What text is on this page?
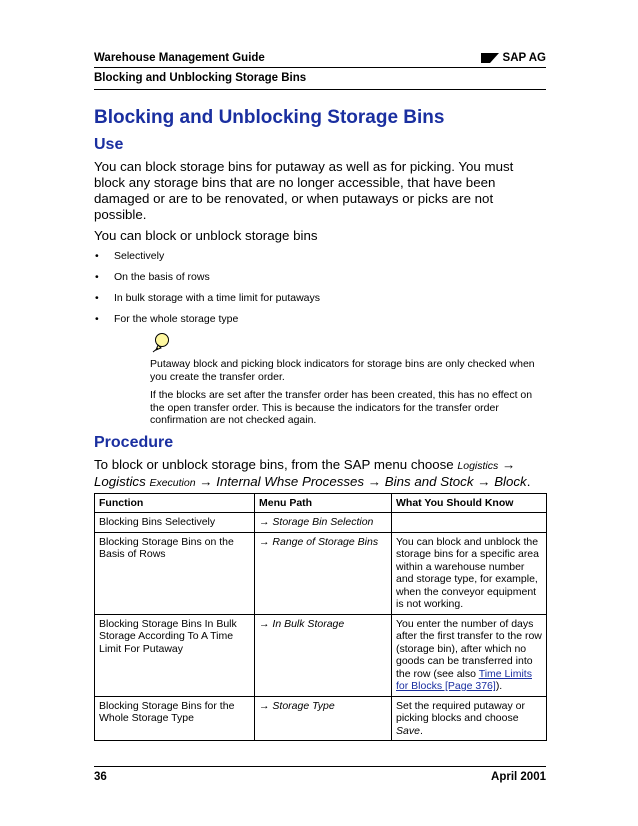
Warehouse Management Guide	SAP AG
Blocking and Unblocking Storage Bins
Blocking and Unblocking Storage Bins
Use

You can block storage bins for putaway as well as for picking. You must block any storage bins that are no longer accessible, that have been damaged or are to be renovated, or when putaways or picks are not possible.

You can block or unblock storage bins

• Selectively
• On the basis of rows
• In bulk storage with a time limit for putaways
• For the whole storage type

Putaway block and picking block indicators for storage bins are only checked when you create the transfer order.

If the blocks are set after the transfer order has been created, this has no effect on the open transfer order. This is because the indicators for the transfer order confirmation are not checked again.

Procedure

To block or unblock storage bins, from the SAP menu choose Logistics →
Logistics Execution → Internal Whse Processes → Bins and Stock → Block.

Function	Menu Path	What You Should Know
Blocking Bins Selectively	→ Storage Bin Selection	
Blocking Storage Bins on the Basis of Rows	→ Range of Storage Bins	You can block and unblock the storage bins for a specific area within a warehouse number and storage type, for example, when the conveyor equipment is not working.
Blocking Storage Bins In Bulk Storage According To A Time Limit For Putaway	→ In Bulk Storage	You enter the number of days after the first transfer to the row (storage bin), after which no goods can be transferred into the row (see also Time Limits for Blocks [Page 376]).
Blocking Storage Bins for the Whole Storage Type	→ Storage Type	Set the required putaway or picking blocks and choose Save.
36	April 2001
